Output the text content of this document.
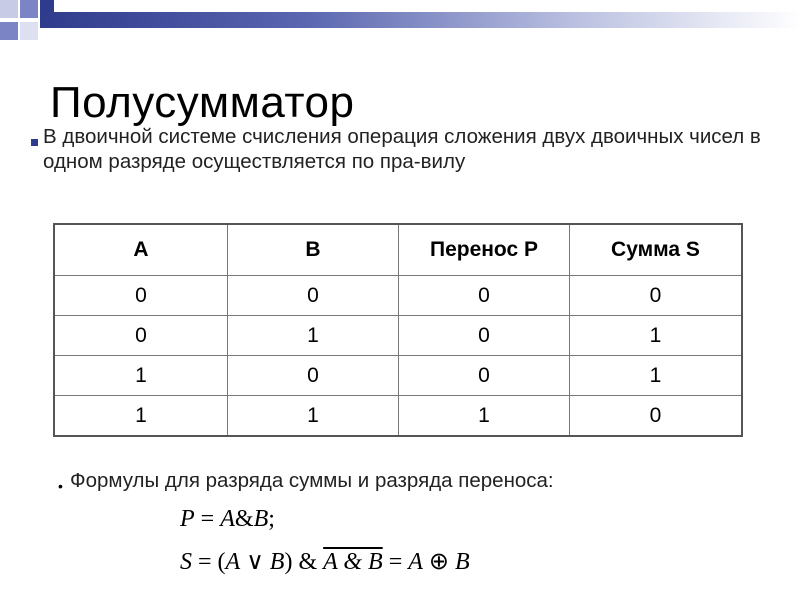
Полусумматор
В двоичной системе счисления операция сложения двух двоичных чисел в одном разряде осуществляется по пра-вилу
A	B	Перенос P	Сумма S
0	0	0	0
0	1	0	1
1	0	0	1
1	1	1	0
• Формулы для разряда суммы и разряда переноса:
P = A&B;
S = (A ∨ B) & A & B = A ⊕ B
